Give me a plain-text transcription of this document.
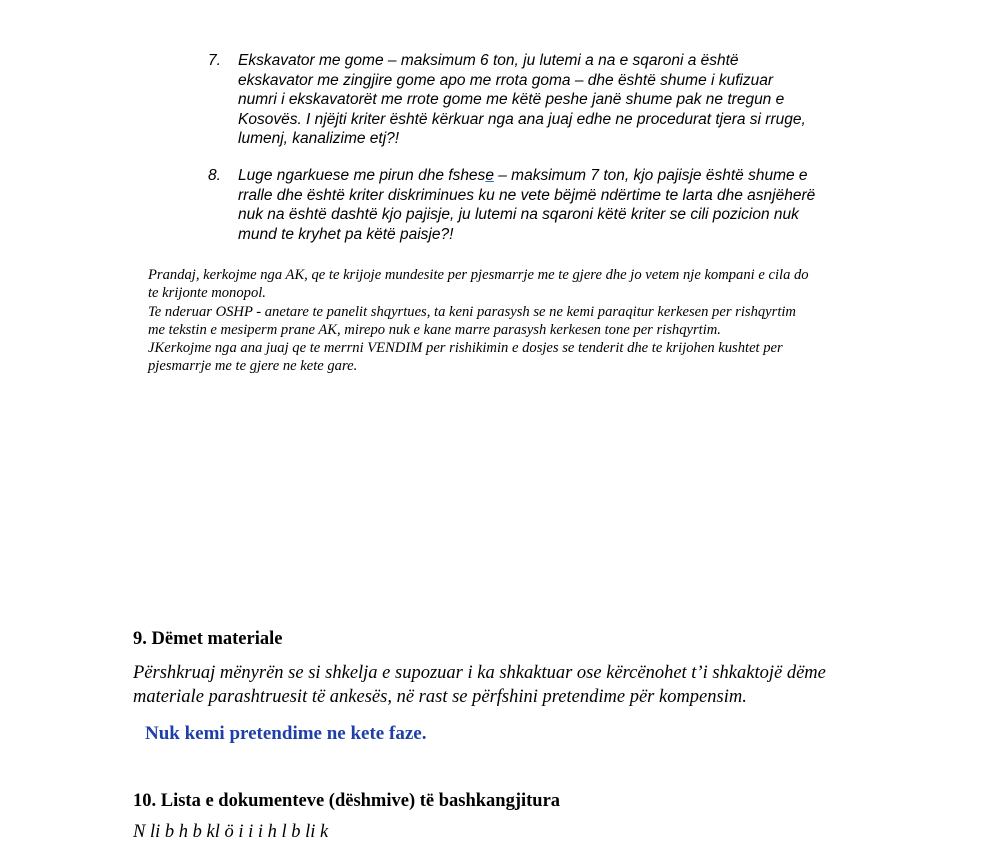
7.	Ekskavator me gome – maksimum 6 ton, ju lutemi a na e sqaroni a është
ekskavator me zingjire gome apo me rrota goma – dhe është shume i kufizuar
numri i ekskavatorët me rrote gome me këtë peshe janë shume pak ne tregun e
Kosovës. I njëjti kriter është kërkuar nga ana juaj edhe ne procedurat tjera si rruge,
lumenj, kanalizime etj?!
8.	Luge ngarkuese me pirun dhe fshese – maksimum 7 ton, kjo pajisje është shume e
rralle dhe është kriter diskriminues ku ne vete bëjmë ndërtime te larta dhe asnjëherë
nuk na është dashtë kjo pajisje, ju lutemi na sqaroni këtë kriter se cili pozicion nuk
mund te kryhet pa këtë paisje?!
Prandaj, kerkojme nga AK, qe te krijoje mundesite per pjesmarrje me te gjere dhe jo vetem nje kompani e cila do
te krijonte monopol.
Te nderuar OSHP - anetare te panelit shqyrtues, ta keni parasysh se ne kemi paraqitur kerkesen per rishqyrtim
me tekstin e mesiperm prane AK, mirepo nuk e kane marre parasysh kerkesen tone per rishqyrtim.
JKerkojme nga ana juaj qe te merrni VENDIM per rishikimin e dosjes se tenderit dhe te krijohen kushtet per
pjesmarrje me te gjere ne kete gare.
9. Dëmet materiale
Përshkruaj mënyrën se si shkelja e supozuar i ka shkaktuar ose kërcënohet t’i shkaktojë dëme
materiale parashtruesit të ankesës, në rast se përfshini pretendime për kompensim.
Nuk kemi pretendime ne kete faze.
10. Lista e dokumenteve (dëshmive) të bashkangjitura
N li b h b kl ö i i i h l b li k
